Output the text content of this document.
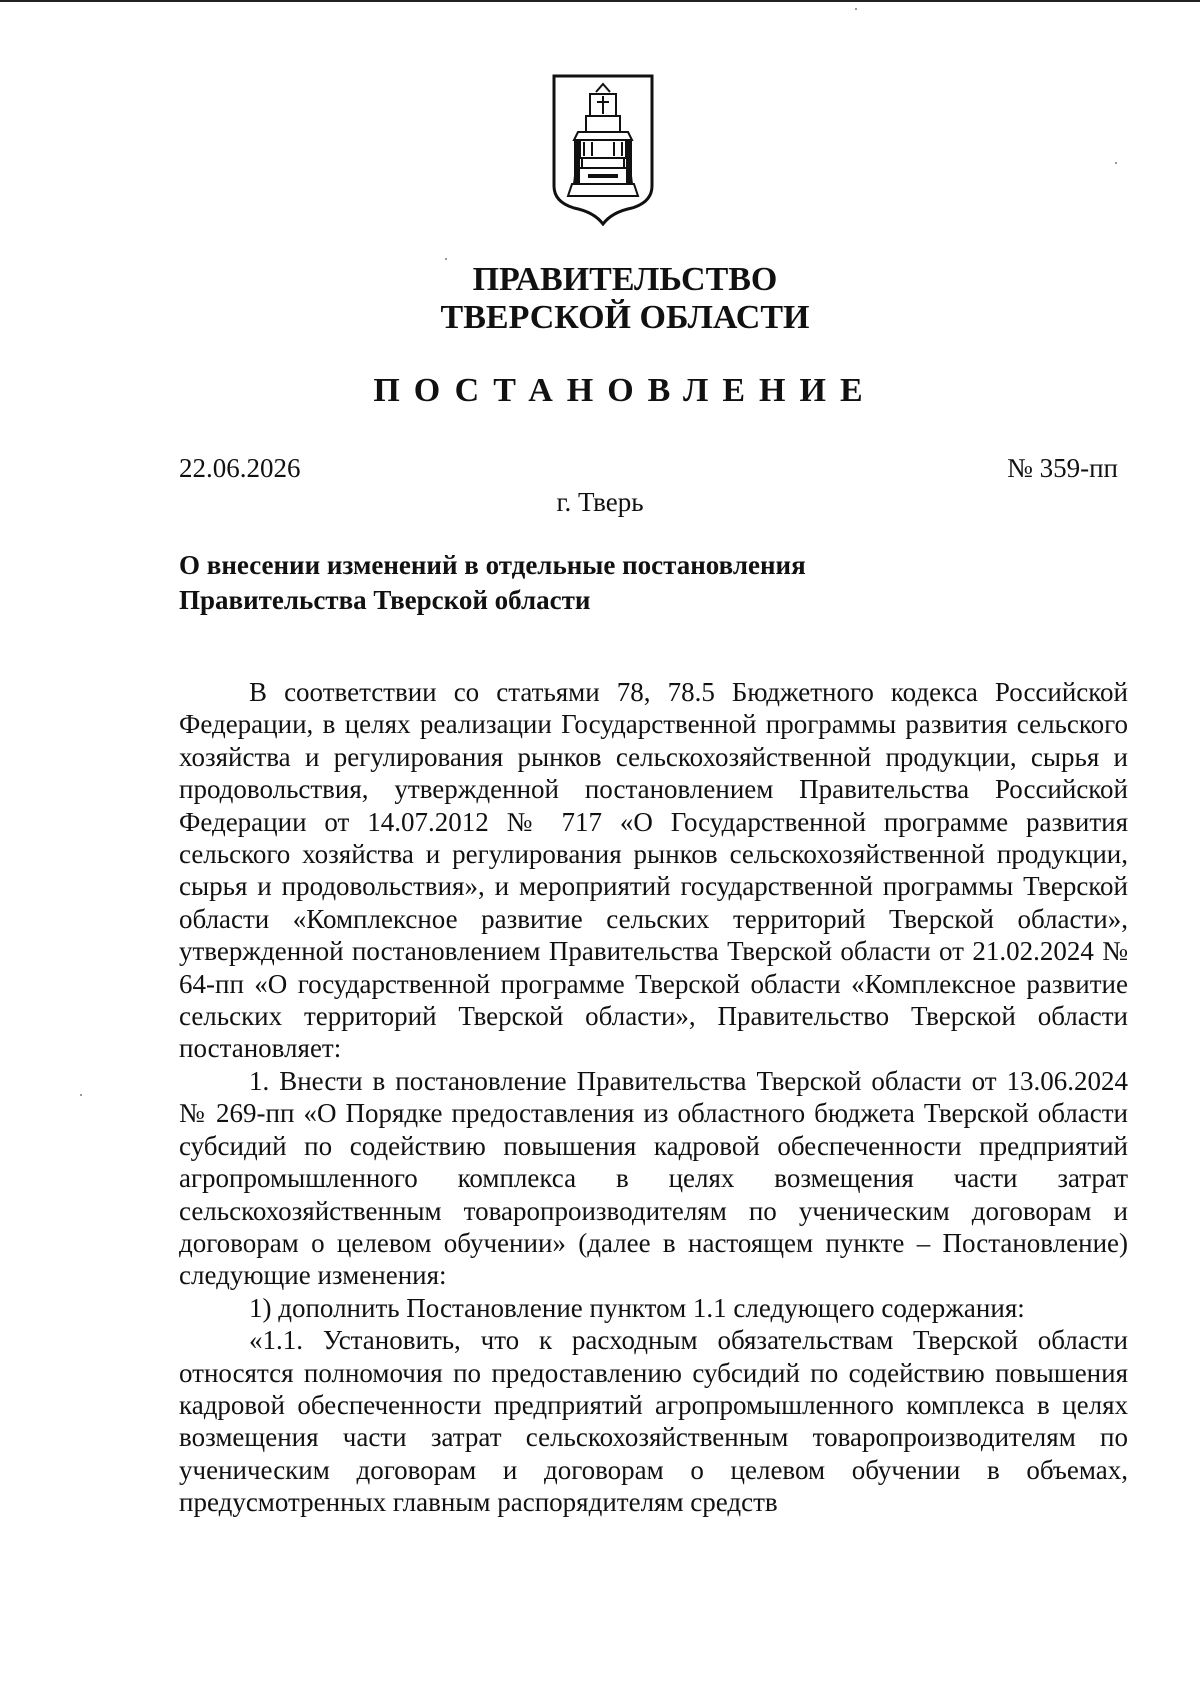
ПРАВИТЕЛЬСТВО
ТВЕРСКОЙ ОБЛАСТИ
ПОСТАНОВЛЕНИЕ
22.06.2026	№ 359-пп
г. Тверь
О внесении изменений в отдельные постановления
Правительства Тверской области

В соответствии со статьями 78, 78.5 Бюджетного кодекса Российской Федерации, в целях реализации Государственной программы развития сельского хозяйства и регулирования рынков сельскохозяйственной продукции, сырья и продовольствия, утвержденной постановлением Правительства Российской Федерации от 14.07.2012 № 717 «О Государственной программе развития сельского хозяйства и регулирования рынков сельскохозяйственной продукции, сырья и продовольствия», и мероприятий государственной программы Тверской области «Комплексное развитие сельских территорий Тверской области», утвержденной постановлением Правительства Тверской области от 21.02.2024 № 64-пп «О государственной программе Тверской области «Комплексное развитие сельских территорий Тверской области», Правительство Тверской области постановляет:

1. Внести в постановление Правительства Тверской области от 13.06.2024 № 269-пп «О Порядке предоставления из областного бюджета Тверской области субсидий по содействию повышения кадровой обеспеченности предприятий агропромышленного комплекса в целях возмещения части затрат сельскохозяйственным товаропроизводителям по ученическим договорам и договорам о целевом обучении» (далее в настоящем пункте – Постановление) следующие изменения:

1) дополнить Постановление пунктом 1.1 следующего содержания:

«1.1. Установить, что к расходным обязательствам Тверской области относятся полномочия по предоставлению субсидий по содействию повышения кадровой обеспеченности предприятий агропромышленного комплекса в целях возмещения части затрат сельскохозяйственным товаропроизводителям по ученическим договорам и договорам о целевом обучении в объемах, предусмотренных главным распорядителям средств
